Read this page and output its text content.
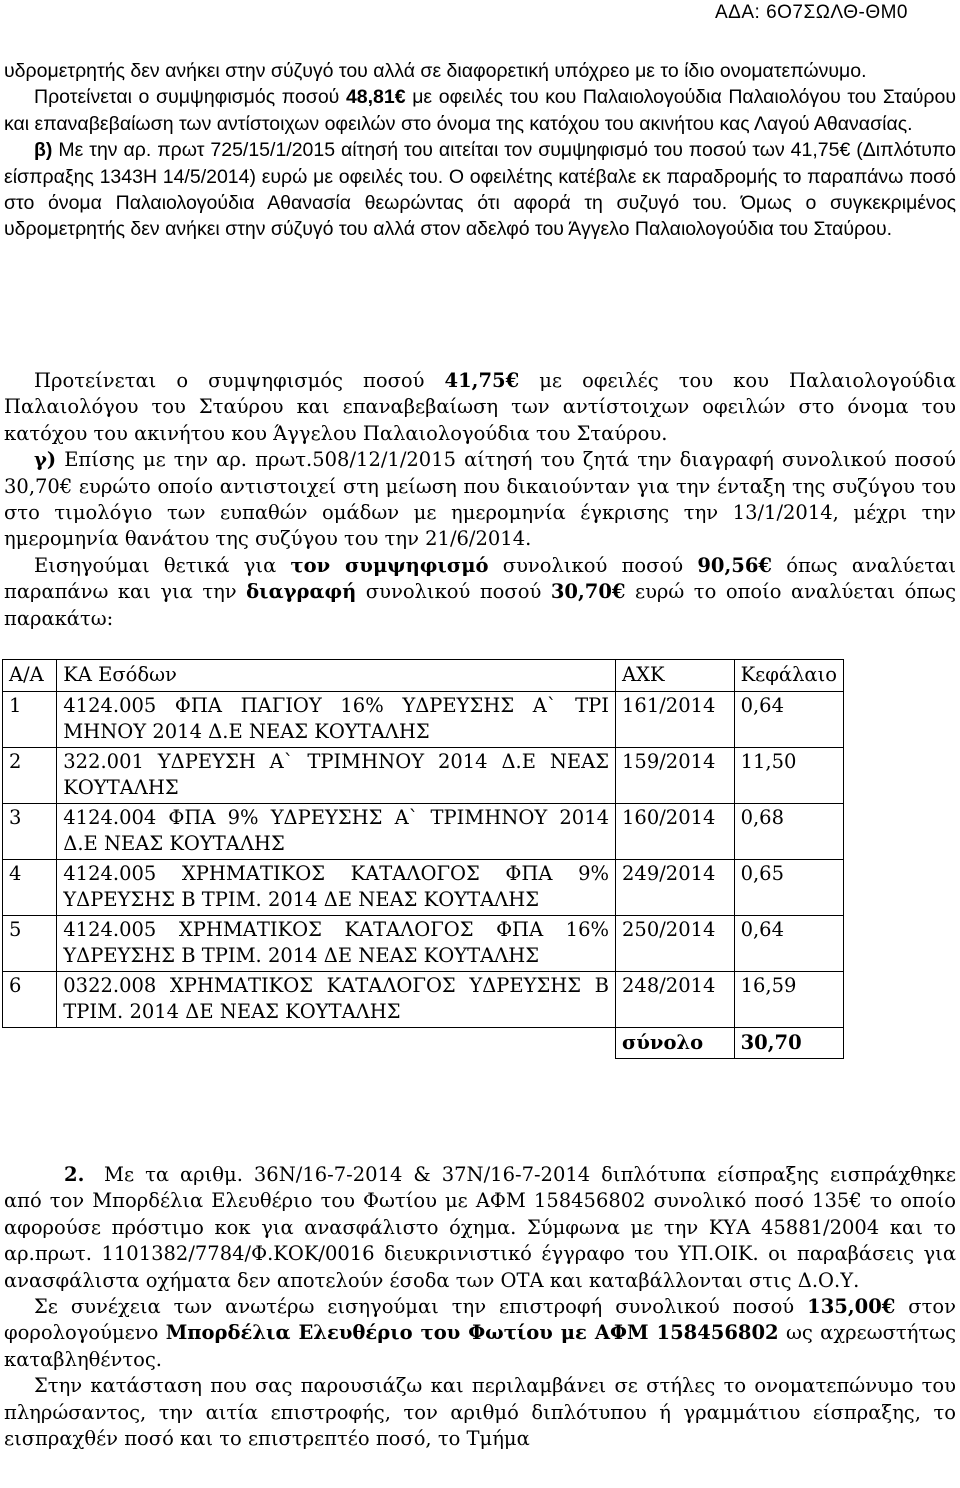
ΑΔΑ: 6Ο7ΣΩΛΘ-ΘΜ0

υδρομετρητής δεν ανήκει στην σύζυγό του αλλά σε διαφορετική υπόχρεο με το ίδιο ονοματεπώνυμο.

Προτείνεται ο συμψηφισμός ποσού 48,81€ με οφειλές του κου Παλαιολογούδια Παλαιολόγου του Σταύρου και επαναβεβαίωση των αντίστοιχων οφειλών στο όνομα της κατόχου του ακινήτου κας Λαγού Αθανασίας.

β) Με την αρ. πρωτ 725/15/1/2015 αίτησή του αιτείται τον συμψηφισμό του ποσού των 41,75€ (Διπλότυπο είσπραξης 1343Η 14/5/2014) ευρώ με οφειλές του. Ο οφειλέτης κατέβαλε εκ παραδρομής το παραπάνω ποσό στο όνομα Παλαιολογούδια Αθανασία θεωρώντας ότι αφορά τη συζυγό του. Όμως ο συγκεκριμένος υδρομετρητής δεν ανήκει στην σύζυγό του αλλά στον αδελφό του Άγγελο Παλαιολογούδια του Σταύρου.

Προτείνεται ο συμψηφισμός ποσού 41,75€ με οφειλές του κου Παλαιολογούδια Παλαιολόγου του Σταύρου και επαναβεβαίωση των αντίστοιχων οφειλών στο όνομα του κατόχου του ακινήτου κου Άγγελου Παλαιολογούδια του Σταύρου.

γ) Επίσης με την αρ. πρωτ.508/12/1/2015 αίτησή του ζητά την διαγραφή συνολικού ποσού 30,70€ ευρώτο οποίο αντιστοιχεί στη μείωση που δικαιούνταν για την ένταξη της συζύγου του στο τιμολόγιο των ευπαθών ομάδων με ημερομηνία έγκρισης την 13/1/2014, μέχρι την ημερομηνία θανάτου της συζύγου του την 21/6/2014.

Εισηγούμαι θετικά για τον συμψηφισμό συνολικού ποσού 90,56€ όπως αναλύεται παραπάνω και για την διαγραφή συνολικού ποσού 30,70€ ευρώ το οποίο αναλύεται όπως παρακάτω:

Α/Α	ΚΑ Εσόδων	ΑΧΚ	Κεφάλαιο
1	4124.005 ΦΠΑ ΠΑΓΙΟΥ 16% ΥΔΡΕΥΣΗΣ Α` ΤΡΙ ΜΗΝΟΥ 2014 Δ.Ε ΝΕΑΣ ΚΟΥΤΑΛΗΣ	161/2014	0,64
2	322.001 ΥΔΡΕΥΣΗ Α` ΤΡΙΜΗΝΟΥ 2014 Δ.Ε ΝΕΑΣ ΚΟΥΤΑΛΗΣ	159/2014	11,50
3	4124.004 ΦΠΑ 9% ΥΔΡΕΥΣΗΣ Α` ΤΡΙΜΗΝΟΥ 2014 Δ.Ε ΝΕΑΣ ΚΟΥΤΑΛΗΣ	160/2014	0,68
4	4124.005 ΧΡΗΜΑΤΙΚΟΣ ΚΑΤΑΛΟΓΟΣ ΦΠΑ 9% ΥΔΡΕΥΣΗΣ Β ΤΡΙΜ. 2014 ΔΕ ΝΕΑΣ ΚΟΥΤΑΛΗΣ	249/2014	0,65
5	4124.005 ΧΡΗΜΑΤΙΚΟΣ ΚΑΤΑΛΟΓΟΣ ΦΠΑ 16% ΥΔΡΕΥΣΗΣ Β ΤΡΙΜ. 2014 ΔΕ ΝΕΑΣ ΚΟΥΤΑΛΗΣ	250/2014	0,64
6	0322.008 ΧΡΗΜΑΤΙΚΟΣ ΚΑΤΑΛΟΓΟΣ ΥΔΡΕΥΣΗΣ Β ΤΡΙΜ. 2014 ΔΕ ΝΕΑΣ ΚΟΥΤΑΛΗΣ	248/2014	16,59
		σύνολο	30,70

2. Με τα αριθμ. 36Ν/16-7-2014 & 37Ν/16-7-2014 διπλότυπα είσπραξης εισπράχθηκε από τον Μπορδέλια Ελευθέριο του Φωτίου με ΑΦΜ 158456802 συνολικό ποσό 135€ το οποίο αφορούσε πρόστιμο κοκ για ανασφάλιστο όχημα. Σύμφωνα με την ΚΥΑ 45881/2004 και το αρ.πρωτ. 1101382/7784/Φ.ΚΟΚ/0016 διευκρινιστικό έγγραφο του ΥΠ.ΟΙΚ. οι παραβάσεις για ανασφάλιστα οχήματα δεν αποτελούν έσοδα των ΟΤΑ και καταβάλλονται στις Δ.Ο.Υ.

Σε συνέχεια των ανωτέρω εισηγούμαι την επιστροφή συνολικού ποσού 135,00€ στον φορολογούμενο Μπορδέλια Ελευθέριο του Φωτίου με ΑΦΜ 158456802 ως αχρεωστήτως καταβληθέντος.

Στην κατάσταση που σας παρουσιάζω και περιλαμβάνει σε στήλες το ονοματεπώνυμο του πληρώσαντος, την αιτία επιστροφής, τον αριθμό διπλότυπου ή γραμμάτιου είσπραξης, το εισπραχθέν ποσό και το επιστρεπτέο ποσό, το Τμήμα
